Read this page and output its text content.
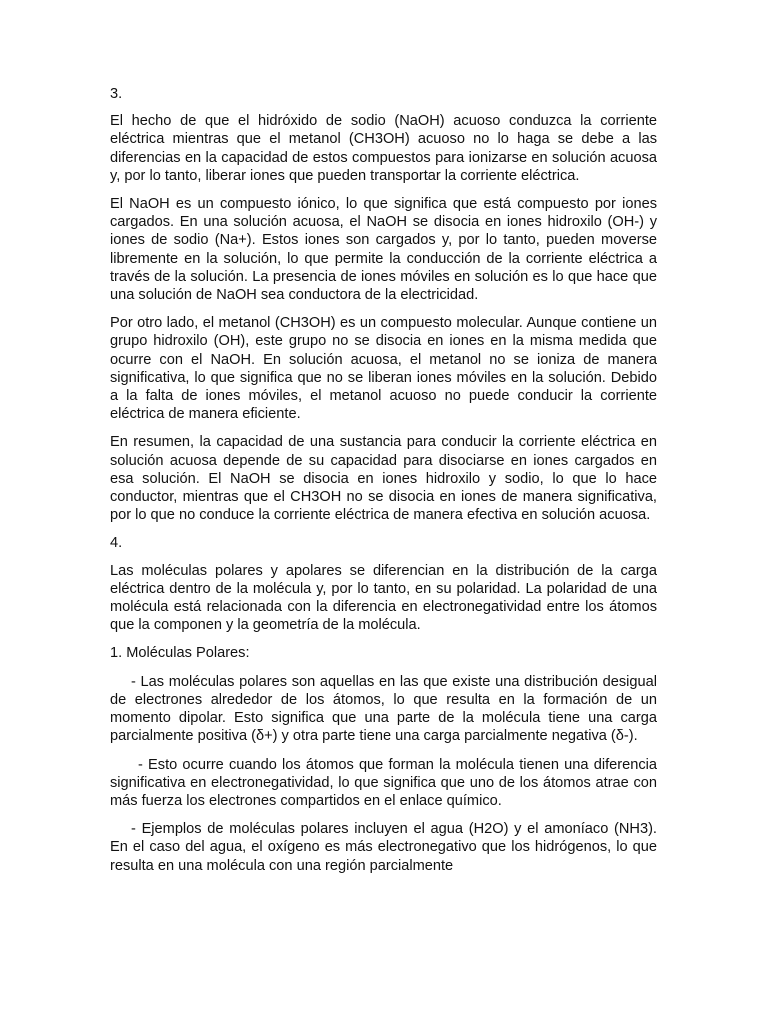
3.

El hecho de que el hidróxido de sodio (NaOH) acuoso conduzca la corriente eléctrica mientras que el metanol (CH3OH) acuoso no lo haga se debe a las diferencias en la capacidad de estos compuestos para ionizarse en solución acuosa y, por lo tanto, liberar iones que pueden transportar la corriente eléctrica.

El NaOH es un compuesto iónico, lo que significa que está compuesto por iones cargados. En una solución acuosa, el NaOH se disocia en iones hidroxilo (OH-) y iones de sodio (Na+). Estos iones son cargados y, por lo tanto, pueden moverse libremente en la solución, lo que permite la conducción de la corriente eléctrica a través de la solución. La presencia de iones móviles en solución es lo que hace que una solución de NaOH sea conductora de la electricidad.

Por otro lado, el metanol (CH3OH) es un compuesto molecular. Aunque contiene un grupo hidroxilo (OH), este grupo no se disocia en iones en la misma medida que ocurre con el NaOH. En solución acuosa, el metanol no se ioniza de manera significativa, lo que significa que no se liberan iones móviles en la solución. Debido a la falta de iones móviles, el metanol acuoso no puede conducir la corriente eléctrica de manera eficiente.

En resumen, la capacidad de una sustancia para conducir la corriente eléctrica en solución acuosa depende de su capacidad para disociarse en iones cargados en esa solución. El NaOH se disocia en iones hidroxilo y sodio, lo que lo hace conductor, mientras que el CH3OH no se disocia en iones de manera significativa, por lo que no conduce la corriente eléctrica de manera efectiva en solución acuosa.

4.

Las moléculas polares y apolares se diferencian en la distribución de la carga eléctrica dentro de la molécula y, por lo tanto, en su polaridad. La polaridad de una molécula está relacionada con la diferencia en electronegatividad entre los átomos que la componen y la geometría de la molécula.

1. Moléculas Polares:

- Las moléculas polares son aquellas en las que existe una distribución desigual de electrones alrededor de los átomos, lo que resulta en la formación de un momento dipolar. Esto significa que una parte de la molécula tiene una carga parcialmente positiva (δ+) y otra parte tiene una carga parcialmente negativa (δ-).

- Esto ocurre cuando los átomos que forman la molécula tienen una diferencia significativa en electronegatividad, lo que significa que uno de los átomos atrae con más fuerza los electrones compartidos en el enlace químico.

- Ejemplos de moléculas polares incluyen el agua (H2O) y el amoníaco (NH3). En el caso del agua, el oxígeno es más electronegativo que los hidrógenos, lo que resulta en una molécula con una región parcialmente
